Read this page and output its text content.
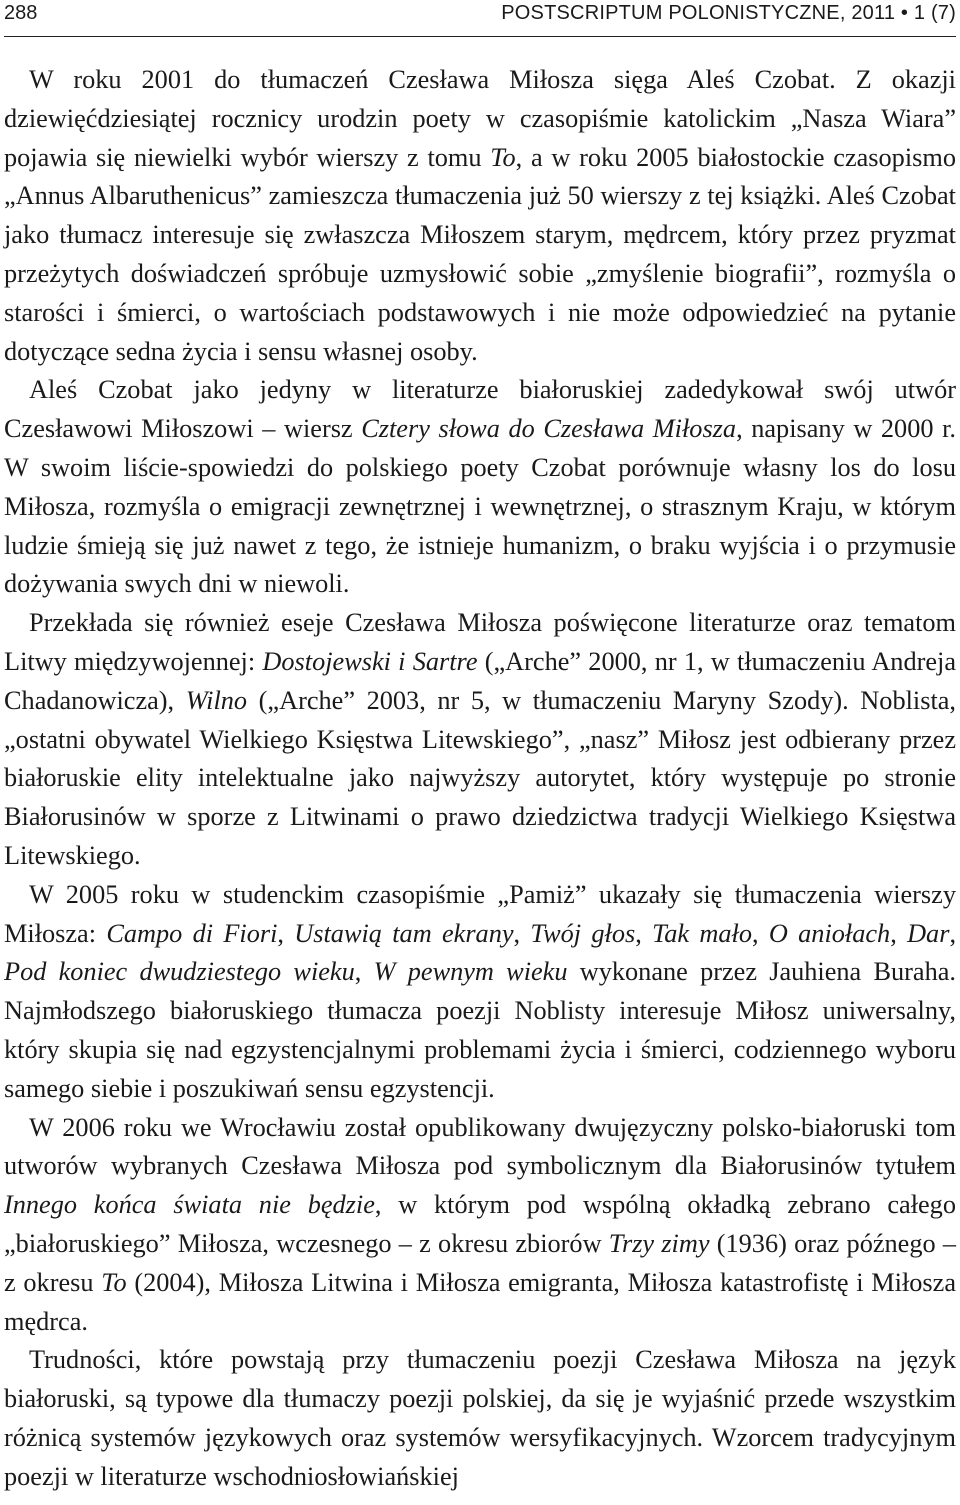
288	POSTSCRIPTUM POLONISTYCZNE, 2011 • 1 (7)

W roku 2001 do tłumaczeń Czesława Miłosza sięga Aleś Czobat. Z okazji dziewięćdziesiątej rocznicy urodzin poety w czasopiśmie katolickim „Nasza Wiara” pojawia się niewielki wybór wierszy z tomu To, a w roku 2005 białostockie czasopismo „Annus Albaruthenicus” zamieszcza tłumaczenia już 50 wierszy z tej książki. Aleś Czobat jako tłumacz interesuje się zwłaszcza Miłoszem starym, mędrcem, który przez pryzmat przeżytych doświadczeń spróbuje uzmysłowić sobie „zmyślenie biografii”, rozmyśla o starości i śmierci, o wartościach podstawowych i nie może odpowiedzieć na pytanie dotyczące sedna życia i sensu własnej osoby.

Aleś Czobat jako jedyny w literaturze białoruskiej zadedykował swój utwór Czesławowi Miłoszowi – wiersz Cztery słowa do Czesława Miłosza, napisany w 2000 r. W swoim liście-spowiedzi do polskiego poety Czobat porównuje własny los do losu Miłosza, rozmyśla o emigracji zewnętrznej i wewnętrznej, o strasznym Kraju, w którym ludzie śmieją się już nawet z tego, że istnieje humanizm, o braku wyjścia i o przymusie dożywania swych dni w niewoli.

Przekłada się również eseje Czesława Miłosza poświęcone literaturze oraz tematom Litwy międzywojennej: Dostojewski i Sartre („Arche” 2000, nr 1, w tłumaczeniu Andreja Chadanowicza), Wilno („Arche” 2003, nr 5, w tłumaczeniu Maryny Szody). Noblista, „ostatni obywatel Wielkiego Księstwa Litewskiego”, „nasz” Miłosz jest odbierany przez białoruskie elity intelektualne jako najwyższy autorytet, który występuje po stronie Białorusinów w sporze z Litwinami o prawo dziedzictwa tradycji Wielkiego Księstwa Litewskiego.

W 2005 roku w studenckim czasopiśmie „Pamiż” ukazały się tłumaczenia wierszy Miłosza: Campo di Fiori, Ustawią tam ekrany, Twój głos, Tak mało, O aniołach, Dar, Pod koniec dwudziestego wieku, W pewnym wieku wykonane przez Jauhiena Buraha. Najmłodszego białoruskiego tłumacza poezji Noblisty interesuje Miłosz uniwersalny, który skupia się nad egzystencjalnymi problemami życia i śmierci, codziennego wyboru samego siebie i poszukiwań sensu egzystencji.

W 2006 roku we Wrocławiu został opublikowany dwujęzyczny polsko-białoruski tom utworów wybranych Czesława Miłosza pod symbolicznym dla Białorusinów tytułem Innego końca świata nie będzie, w którym pod wspólną okładką zebrano całego „białoruskiego” Miłosza, wczesnego – z okresu zbiorów Trzy zimy (1936) oraz późnego – z okresu To (2004), Miłosza Litwina i Miłosza emigranta, Miłosza katastrofistę i Miłosza mędrca.

Trudności, które powstają przy tłumaczeniu poezji Czesława Miłosza na język białoruski, są typowe dla tłumaczy poezji polskiej, da się je wyjaśnić przede wszystkim różnicą systemów językowych oraz systemów wersyfikacyjnych. Wzorcem tradycyjnym poezji w literaturze wschodniosłowiańskiej
